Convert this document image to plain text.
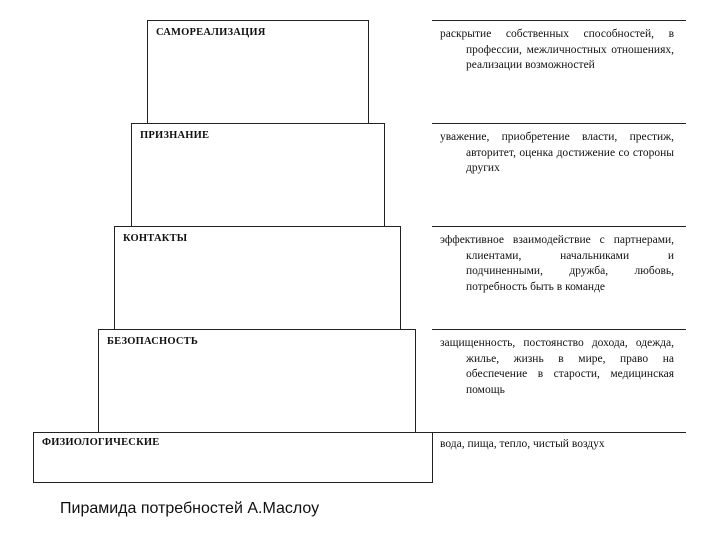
САМОРЕАЛИЗАЦИЯ
ПРИЗНАНИЕ
КОНТАКТЫ
БЕЗОПАСНОСТЬ
ФИЗИОЛОГИЧЕСКИЕ
раскрытие собственных способностей, в профессии, межличностных отношениях, реализации возможностей
уважение, приобретение власти, престиж, авторитет, оценка достижение со стороны других
эффективное взаимодействие с партнерами, клиентами, начальниками и подчиненными, дружба, любовь, потребность быть в команде
защищенность, постоянство дохода, одежда, жилье, жизнь в мире, право на обеспечение в старости, медицинская помощь
вода, пища, тепло, чистый воздух
Пирамида потребностей А.Маслоу
